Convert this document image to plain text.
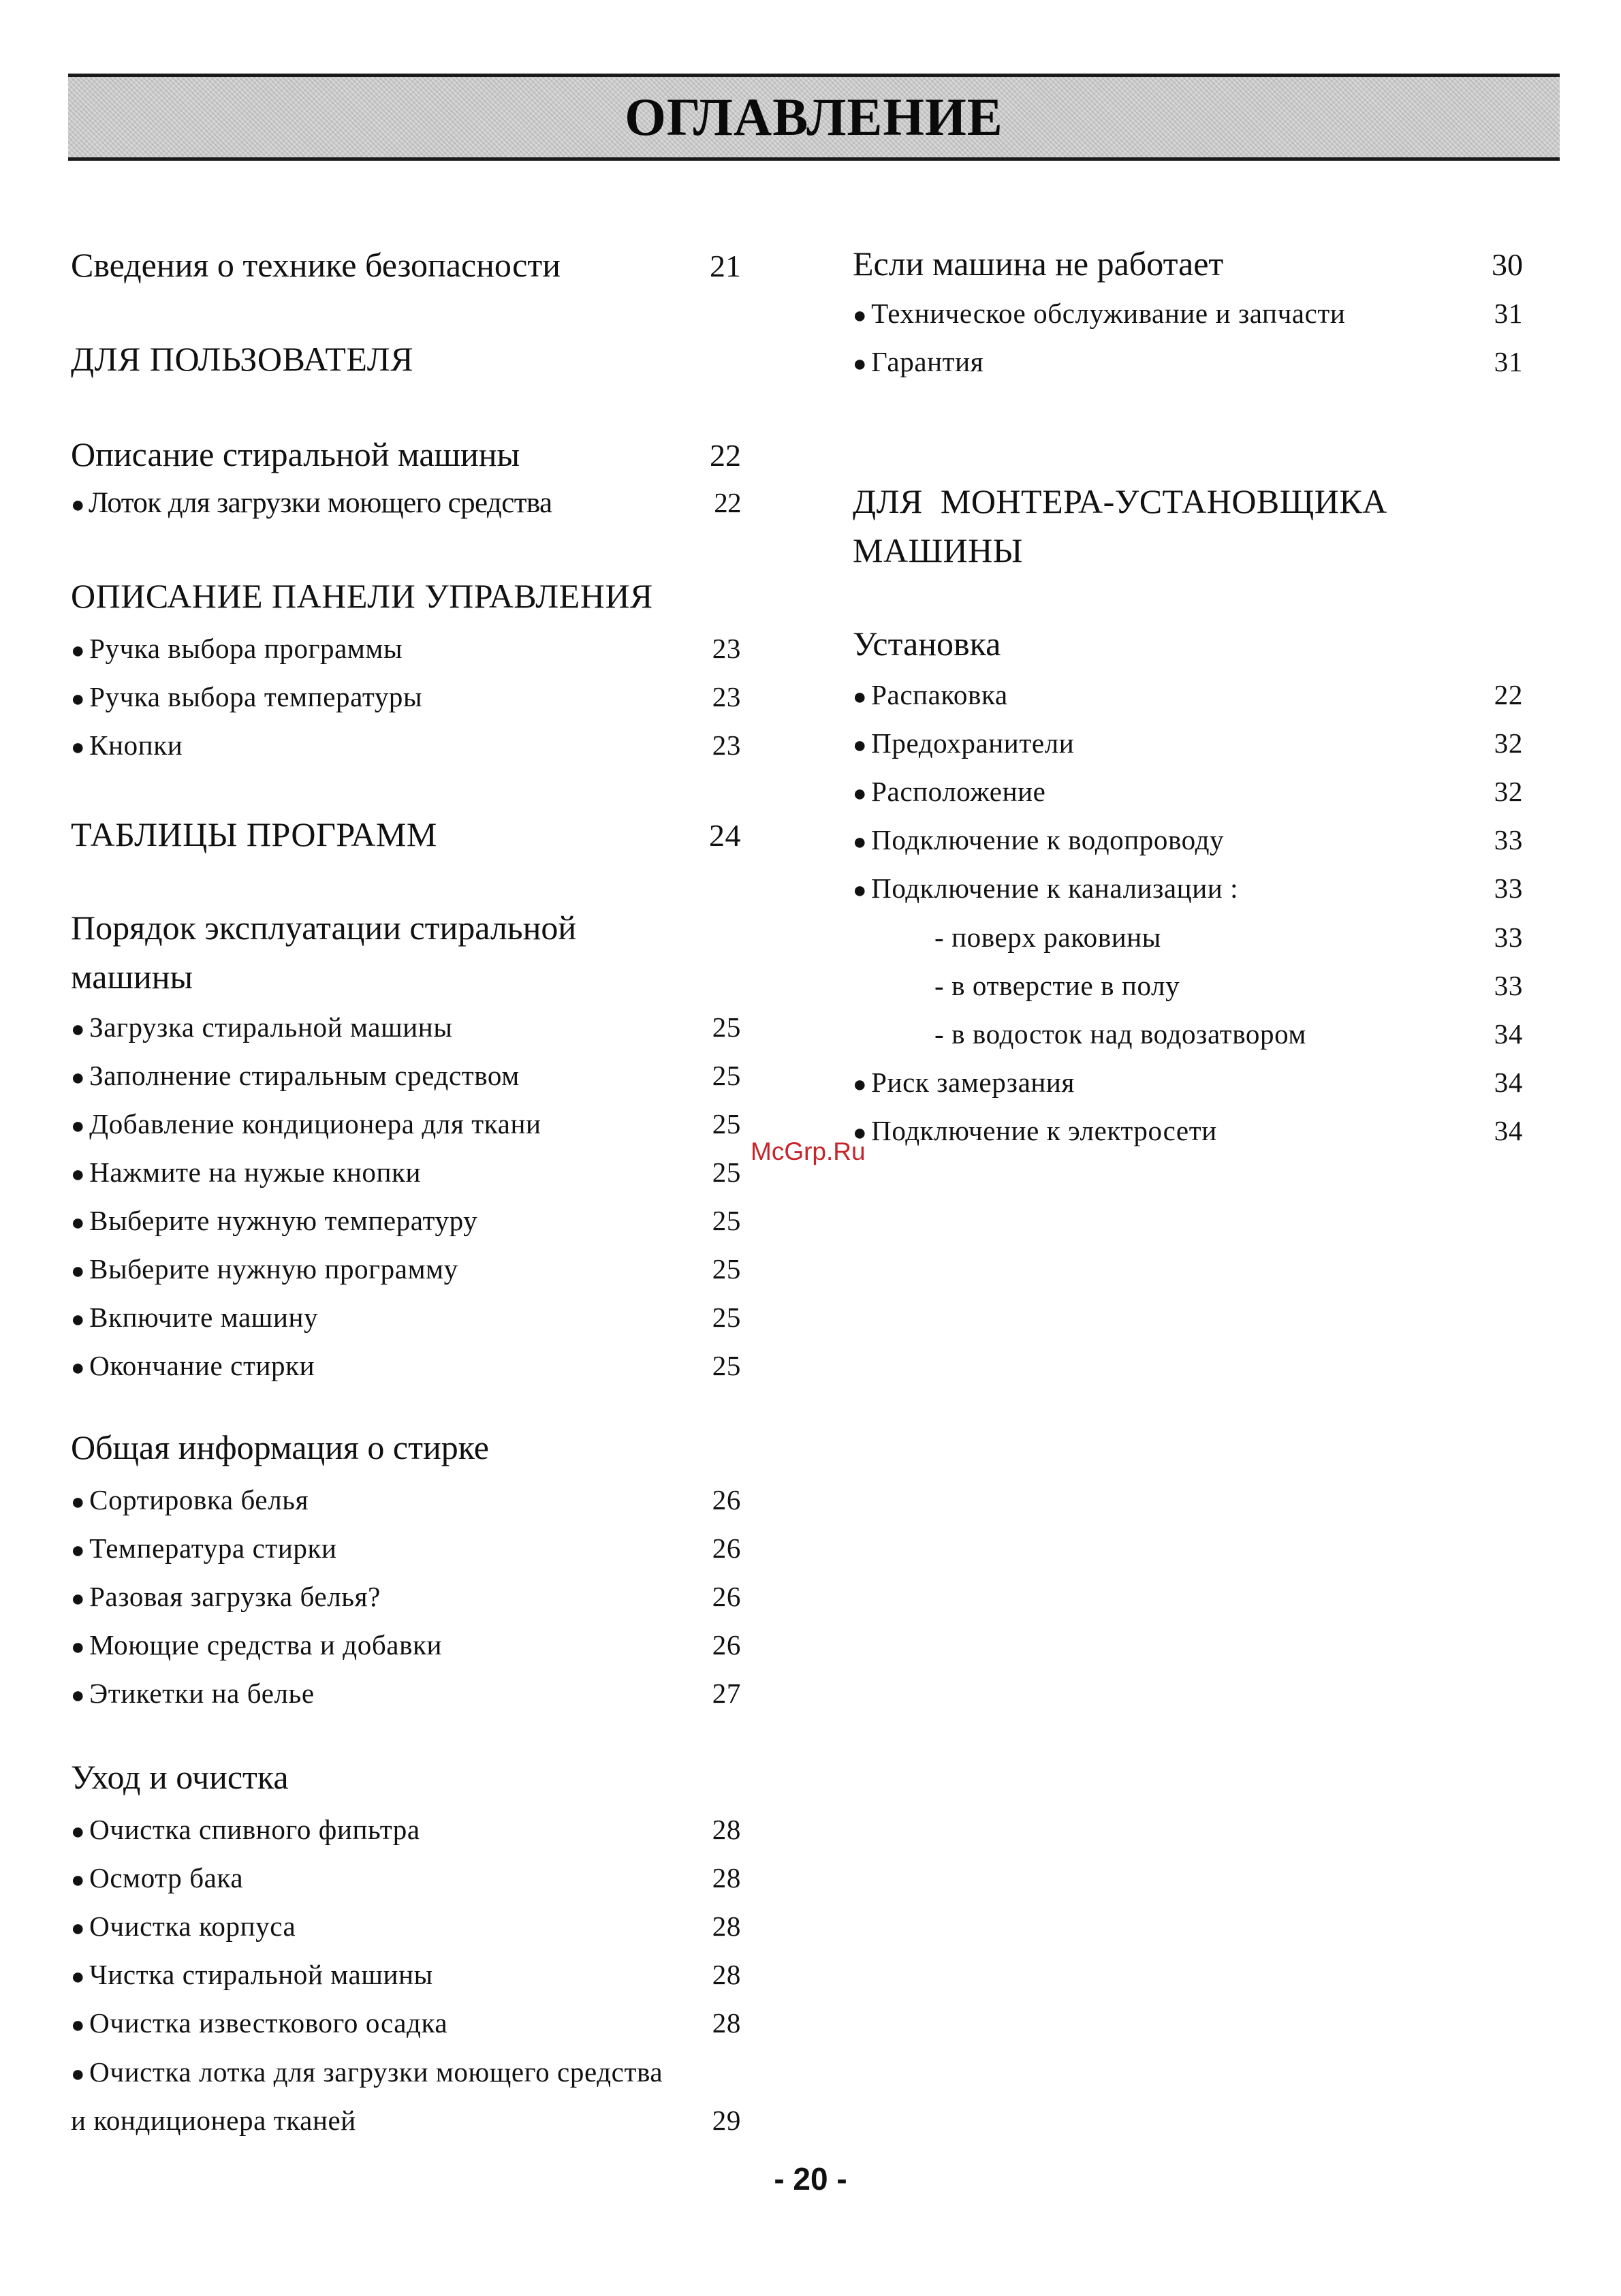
ОГЛАВЛЕНИЕ
Сведения о технике безопасности	21
ДЛЯ ПОЛЬЗОВАТЕЛЯ
Описание стиральной машины	22
● Лоток для загрузки моющего средства	22
ОПИСАНИЕ ПАНЕЛИ УПРАВЛЕНИЯ
● Ручка выбора программы	23
● Ручка выбора температуры	23
● Кнопки	23
ТАБЛИЦЫ ПРОГРАММ	24
Порядок эксплуатации стиральной
машины
● Загрузка стиральной машины	25
● Заполнение стиральным средством	25
● Добавление кондиционера для ткани	25
● Нажмите на нужые кнопки	25
● Выберите нужную температуру	25
● Выберите нужную программу	25
● Вкпючите машину	25
● Окончание стирки	25
Общая информация о стирке
● Сортировка белья	26
● Температура стирки	26
● Разовая загрузка белья?	26
● Моющие средства и добавки	26
● Этикетки на белье	27
Уход и очистка
● Очистка спивного фипьтра	28
● Осмотр бака	28
● Очистка корпуса	28
● Чистка стиральной машины	28
● Очистка известкового осадка	28
● Очистка лотка для загрузки моющего средства
и кондиционера тканей	29
Если машина не работает	30
● Техническое обслуживание и запчасти	31
● Гарантия	31
ДЛЯ  МОНТЕРА-УСТАНОВЩИКА
МАШИНЫ
Установка
● Распаковка	22
● Предохранители	32
● Расположение	32
● Подключение к водопроводу	33
● Подключение к канализации :	33
- поверх раковины	33
- в отверстие в полу	33
- в водосток над водозатвором	34
● Риск замерзания	34
● Подключение к электросети	34
McGrp.Ru
- 20 -
